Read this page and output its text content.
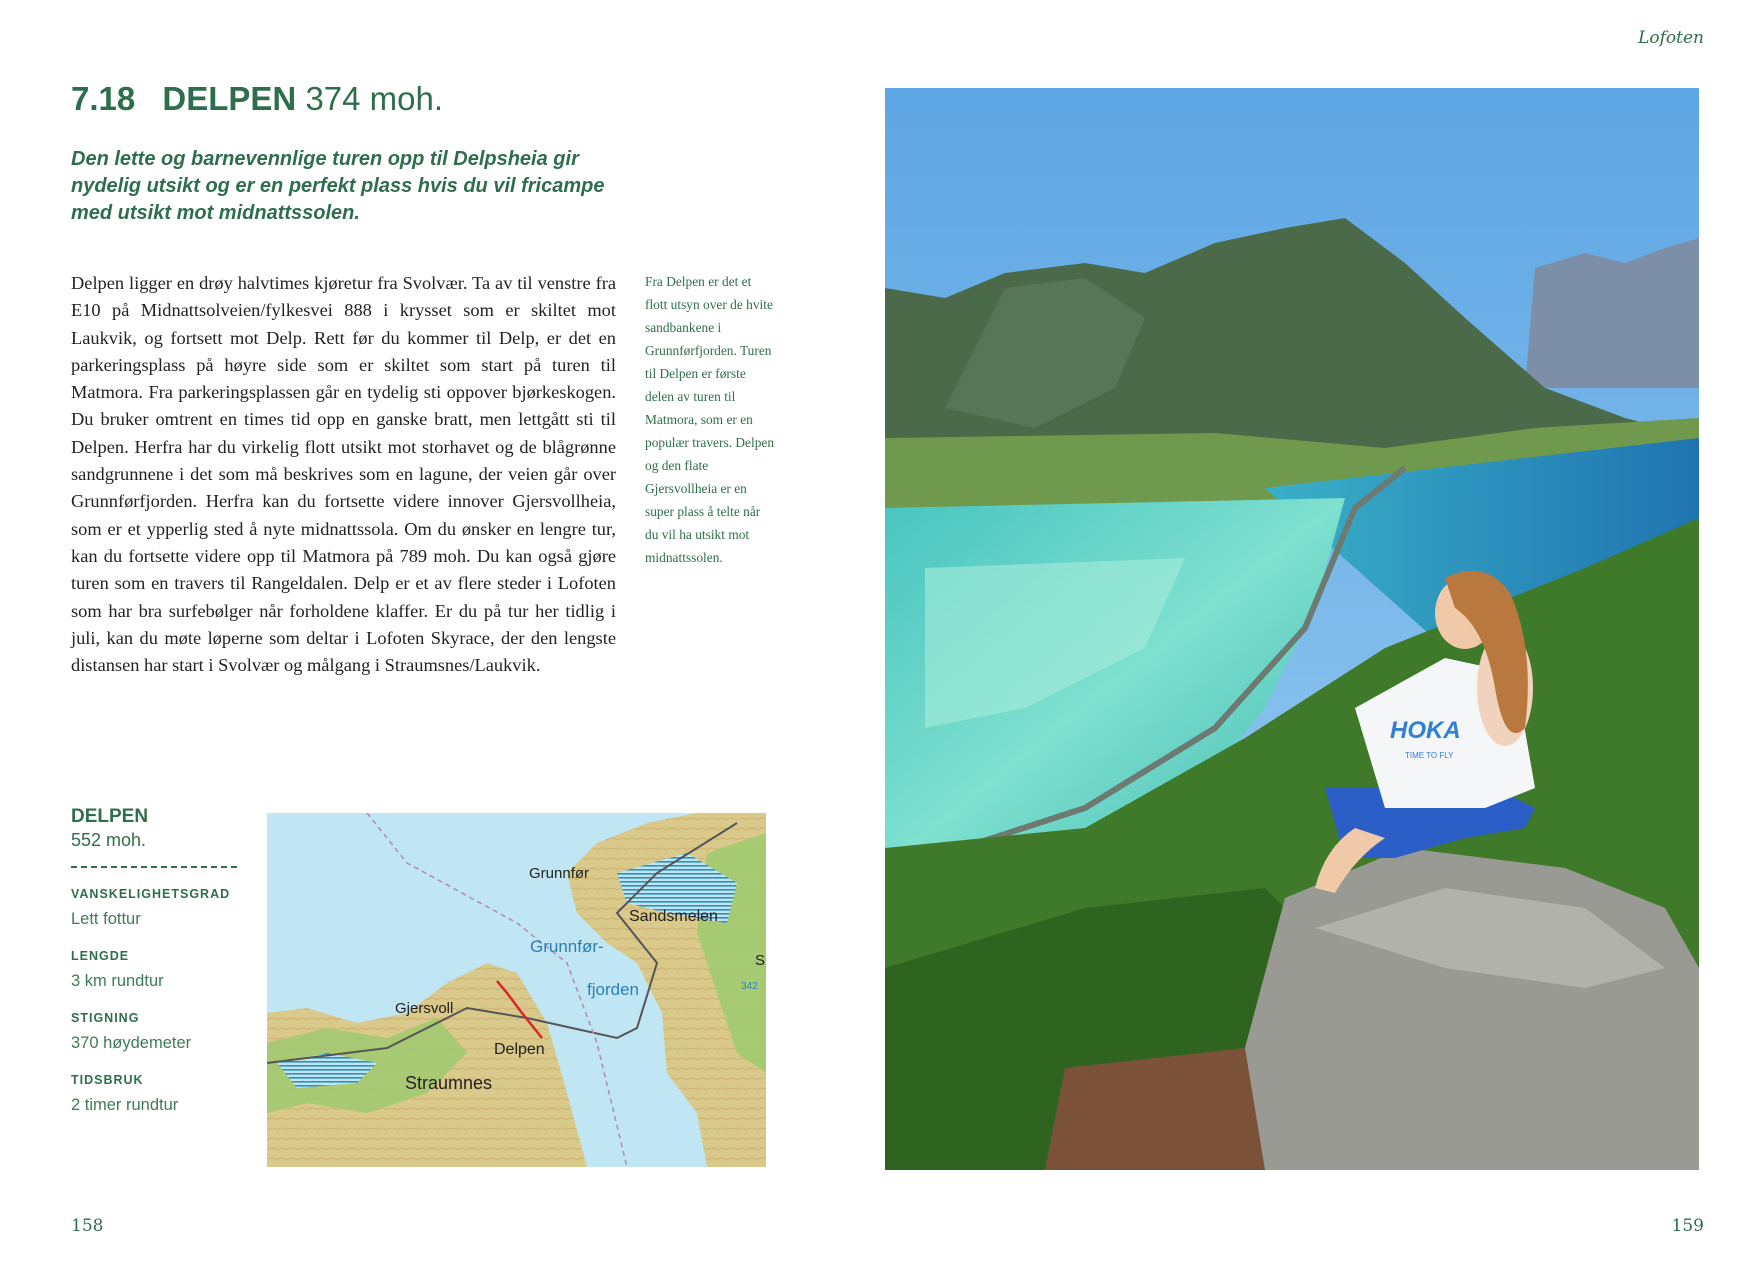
Lofoten
7.18 DELPEN 374 moh.

Den lette og barnevennlige turen opp til Delpsheia gir nydelig utsikt og er en perfekt plass hvis du vil fricampe med utsikt mot midnattssolen.

Delpen ligger en drøy halvtimes kjøretur fra Svolvær. Ta av til venstre fra E10 på Midnattsolveien/fylkesvei 888 i krysset som er skiltet mot Laukvik, og fortsett mot Delp. Rett før du kommer til Delp, er det en parkeringsplass på høyre side som er skiltet som start på turen til Matmora. Fra parkeringsplassen går en tydelig sti oppover bjørkeskogen. Du bruker omtrent en times tid opp en ganske bratt, men lettgått sti til Delpen. Herfra har du virkelig flott utsikt mot storhavet og de blågrønne sandgrunnene i det som må beskrives som en lagune, der veien går over Grunnførfjorden. Herfra kan du fortsette videre innover Gjersvollheia, som er et ypperlig sted å nyte midnattssola. Om du ønsker en lengre tur, kan du fortsette videre opp til Matmora på 789 moh. Du kan også gjøre turen som en travers til Rangeldalen. Delp er et av flere steder i Lofoten som har bra surfebølger når forholdene klaffer. Er du på tur her tidlig i juli, kan du møte løperne som deltar i Lofoten Skyrace, der den lengste distansen har start i Svolvær og målgang i Straumsnes/Laukvik.

Fra Delpen er det et flott utsyn over de hvite sandbankene i Grunnførfjorden. Turen til Delpen er første delen av turen til Matmora, som er en populær travers. Delpen og den flate Gjersvollheia er en super plass å telte når du vil ha utsikt mot midnattssolen.

DELPEN
552 moh.
VANSKELIGHETSGRAD
Lett fottur
LENGDE
3 km rundtur
STIGNING
370 høydemeter
TIDSBRUK
2 timer rundtur
Grunnfør
Sandsmelen
Grunnfør-
fjorden
Gjersvoll
Delpen
Straumnes
S
342
HOKA
TIME TO FLY
158	159
